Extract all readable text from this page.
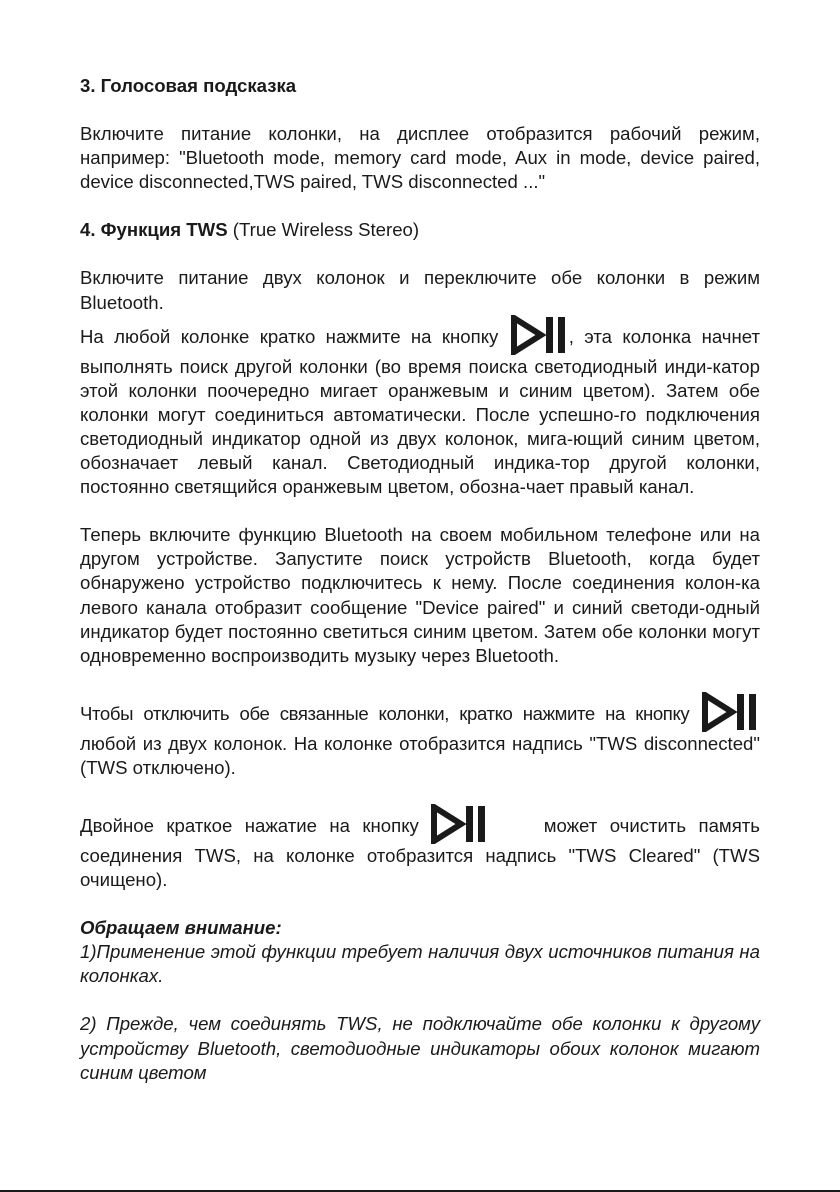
3. Голосовая подсказка

Включите питание колонки, на дисплее отобразится рабочий режим, например: "Bluetooth mode, memory card mode, Aux in mode, device paired, device disconnected,TWS paired, TWS disconnected ..."

4. Функция TWS (True Wireless Stereo)

Включите питание двух колонок и переключите обе колонки в режим Bluetooth.

На любой колонке кратко нажмите на кнопку	, эта колонка начнет выполнять поиск другой колонки (во время поиска светодиодный инди-катор этой колонки поочередно мигает оранжевым и синим цветом). Затем обе колонки могут соединиться автоматически. После успешно-го подключения светодиодный индикатор одной из двух колонок, мига-ющий синим цветом, обозначает левый канал. Светодиодный индика-тор другой колонки, постоянно светящийся оранжевым цветом, обозна-чает правый канал.

Теперь включите функцию Bluetooth на своем мобильном телефоне или на другом устройстве. Запустите поиск устройств Bluetooth, когда будет обнаружено устройство подключитесь к нему. После соединения колон-ка левого канала отобразит сообщение "Device paired" и синий светоди-одный индикатор будет постоянно светиться синим цветом. Затем обе колонки могут одновременно воспроизводить музыку через Bluetooth.

Чтобы отключить обе связанные колонки, кратко нажмите на кнопку  любой из двух колонок. На колонке отобразится надпись "TWS disconnected" (TWS отключено).

Двойное краткое нажатие на кнопку	может очистить память соединения TWS, на колонке отобразится надпись "TWS Cleared" (TWS очищено).

Обращаем внимание:

1)Применение этой функции требует наличия двух источников питания на колонках.

2) Прежде, чем соединять TWS, не подключайте обе колонки к другому устройству Bluetooth, светодиодные индикаторы обоих колонок мигают синим цветом
